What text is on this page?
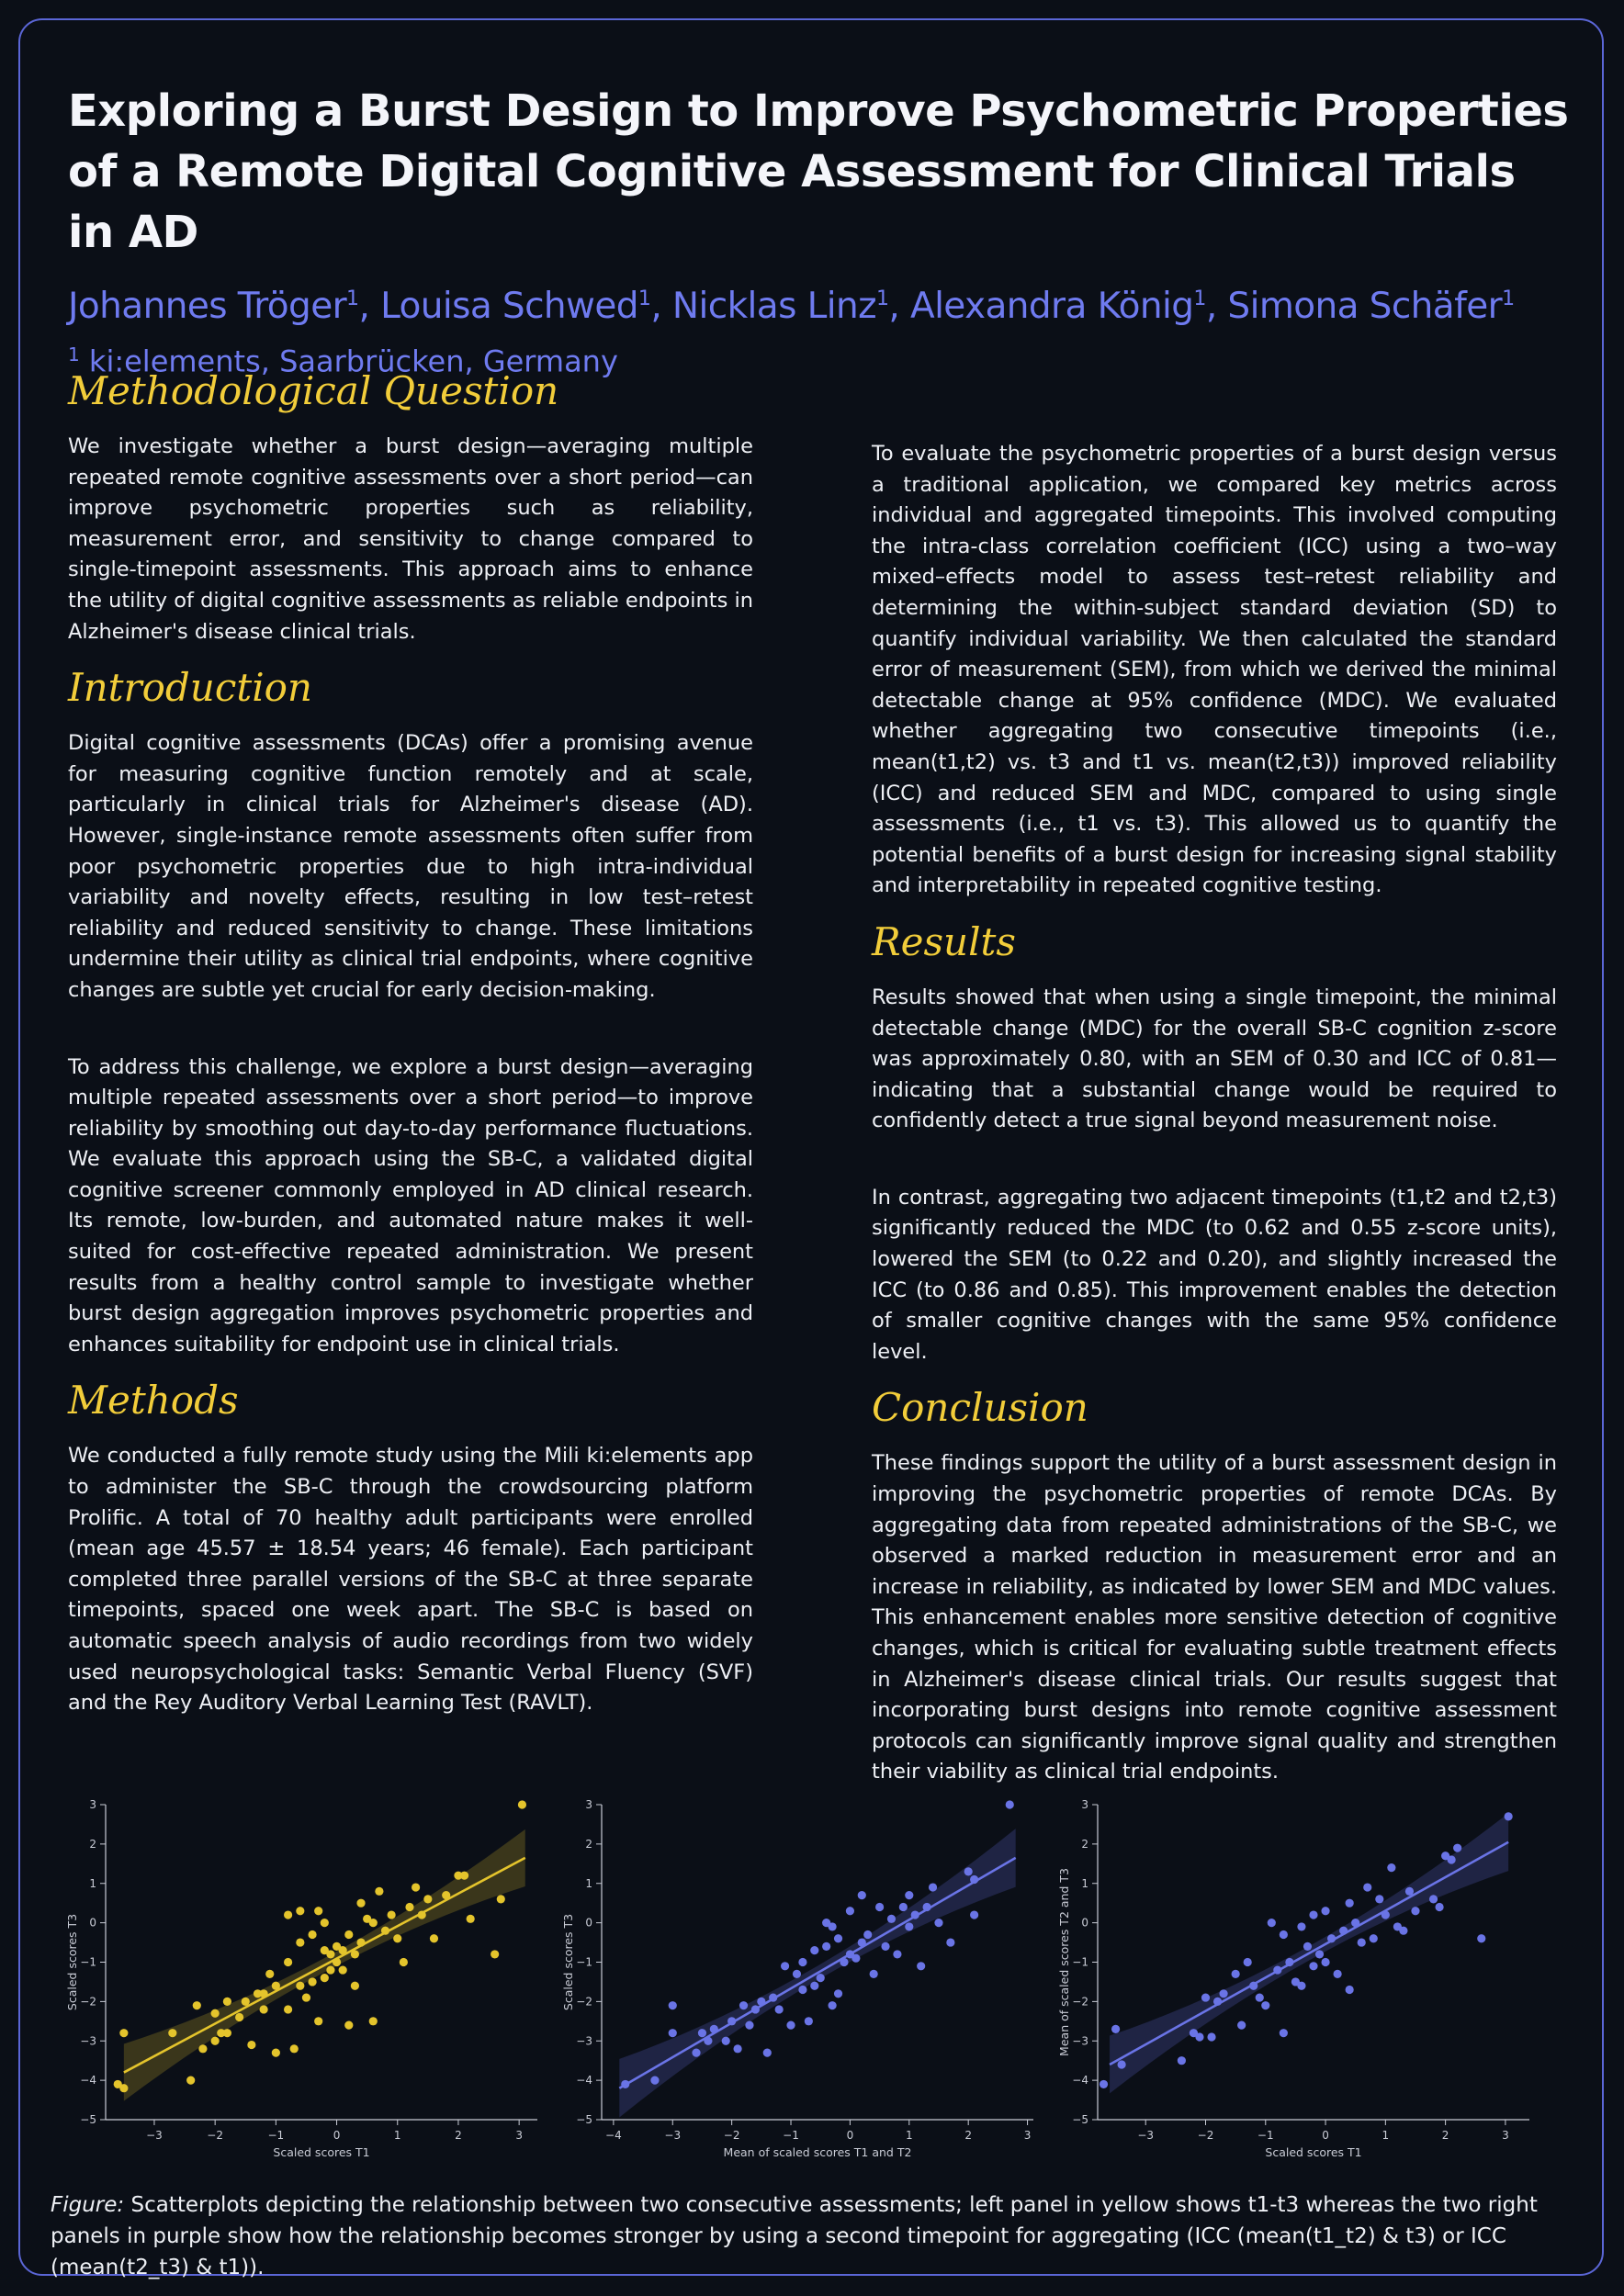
Exploring a Burst Design to Improve Psychometric Properties of a Remote Digital Cognitive Assessment for Clinical Trials in AD
Johannes Tröger$^1$, Louisa Schwed$^1$, Nicklas Linz$^1$, Alexandra König$^1$, Simona Schäfer$^1$
$^1$ ki:elements, Saarbrücken, Germany
Methodological Question

We investigate whether a burst design—averaging multiple repeated remote cognitive assessments over a short period—can improve psychometric properties such as reliability, measurement error, and sensitivity to change compared to single-timepoint assessments. This approach aims to enhance the utility of digital cognitive assessments as reliable endpoints in Alzheimer's disease clinical trials.

Introduction

Digital cognitive assessments (DCAs) offer a promising avenue for measuring cognitive function remotely and at scale, particularly in clinical trials for Alzheimer's disease (AD). However, single-instance remote assessments often suffer from poor psychometric properties due to high intra-individual variability and novelty effects, resulting in low test–retest reliability and reduced sensitivity to change. These limitations undermine their utility as clinical trial endpoints, where cognitive changes are subtle yet crucial for early decision-making.

To address this challenge, we explore a burst design—averaging multiple repeated assessments over a short period—to improve reliability by smoothing out day-to-day performance fluctuations. We evaluate this approach using the SB-C, a validated digital cognitive screener commonly employed in AD clinical research. Its remote, low-burden, and automated nature makes it well-suited for cost-effective repeated administration. We present results from a healthy control sample to investigate whether burst design aggregation improves psychometric properties and enhances suitability for endpoint use in clinical trials.

Methods

We conducted a fully remote study using the Mili ki:elements app to administer the SB-C through the crowdsourcing platform Prolific. A total of 70 healthy adult participants were enrolled (mean age 45.57 ± 18.54 years; 46 female). Each participant completed three parallel versions of the SB-C at three separate timepoints, spaced one week apart. The SB-C is based on automatic speech analysis of audio recordings from two widely used neuropsychological tasks: Semantic Verbal Fluency (SVF) and the Rey Auditory Verbal Learning Test (RAVLT).

To evaluate the psychometric properties of a burst design versus a traditional application, we compared key metrics across individual and aggregated timepoints. This involved computing the intra-class correlation coefficient (ICC) using a two–way mixed–effects model to assess test–retest reliability and determining the within-subject standard deviation (SD) to quantify individual variability. We then calculated the standard error of measurement (SEM), from which we derived the minimal detectable change at 95% confidence (MDC). We evaluated whether aggregating two consecutive timepoints (i.e., mean(t1,t2) vs. t3 and t1 vs. mean(t2,t3)) improved reliability (ICC) and reduced SEM and MDC, compared to using single assessments (i.e., t1 vs. t3). This allowed us to quantify the potential benefits of a burst design for increasing signal stability and interpretability in repeated cognitive testing.

Results

Results showed that when using a single timepoint, the minimal detectable change (MDC) for the overall SB-C cognition z-score was approximately 0.80, with an SEM of 0.30 and ICC of 0.81—indicating that a substantial change would be required to confidently detect a true signal beyond measurement noise.

In contrast, aggregating two adjacent timepoints (t1,t2 and t2,t3) significantly reduced the MDC (to 0.62 and 0.55 z-score units), lowered the SEM (to 0.22 and 0.20), and slightly increased the ICC (to 0.86 and 0.85). This improvement enables the detection of smaller cognitive changes with the same 95% confidence level.

Conclusion

These findings support the utility of a burst assessment design in improving the psychometric properties of remote DCAs. By aggregating data from repeated administrations of the SB-C, we observed a marked reduction in measurement error and an increase in reliability, as indicated by lower SEM and MDC values. This enhancement enables more sensitive detection of cognitive changes, which is critical for evaluating subtle treatment effects in Alzheimer's disease clinical trials. Our results suggest that incorporating burst designs into remote cognitive assessment protocols can significantly improve signal quality and strengthen their viability as clinical trial endpoints.

−5
−4
−3
−2
−1
0
1
2
3
−3	−2	−1	0	1	2	3
Scaled scores T1
Scaled scores T3
−5
−4
−3
−2
−1
0
1
2
3
−4	−3	−2	−1	0	1	2	3
Mean of scaled scores T1 and T2
Scaled scores T3
−5
−4
−3
−2
−1
0
1
2
3
−3	−2	−1	0	1	2	3
Scaled scores T1
Mean of scaled scores T2 and T3
Figure: Scatterplots depicting the relationship between two consecutive assessments; left panel in yellow shows t1-t3 whereas the two right panels in purple show how the relationship becomes stronger by using a second timepoint for aggregating (ICC (mean(t1_t2) & t3) or ICC (mean(t2_t3) & t1)).
